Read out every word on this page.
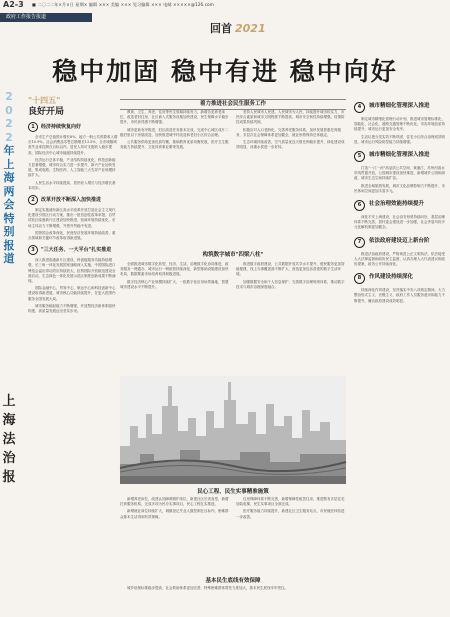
A2-3 ■ 二〇二二年×月×日 星期× 编辑 ××× 美编 ××× 见习编辑 ××× 电邮 ×××××@126.com
政府工作报告报道
回首 2021
稳中加固 稳中有进 稳中向好
2022年上海两会特别报道
上海法治报
"十四五"
良好开局
1	经济持续恢复向好
全市生产总值预计增长8%，地方一般公共预算收入增长10.9%，社会消费品零售总额增长13.5%，全市城镇调查失业率控制在目标以内，居民人均可支配收入稳步提高，国际经济中心城市能级持续提升。
经济运行总体平稳，产业结构持续优化，科技创新能力显著增强，城市综合实力进一步提升，新兴产业加快发展，集成电路、生物医药、人工智能三大先导产业规模持续扩大。
人民生活水平持续提高，居民收入增长与经济增长基本同步。
2	改革开放不断深入加快推进
制定实施浦东新区高水平改革开放打造社会主义现代化建设引领区行动方案，推出一批首创性改革举措，自贸试验区临港新片区建设加快推进，营商环境持续优化，市场主体活力不断增强，外资外贸稳中有进。
国资国企改革深化，民营经济发展环境持续改善，重点领域和关键环节改革取得新进展。
3	"三大任务、一大平台"扎实推进
深入推进临港新片区建设，科创板服务功能持续增强，长三角一体化发展国家战略深入实施，中国国际进口博览会溢出带动效应持续放大，虹桥国际开放枢纽建设全面启动，生态绿色一体化发展示范区制度创新成果不断涌现。
国际金融中心、贸易中心、航运中心和科技创新中心建设取得新进展，城市核心功能持续提升，在更大范围内服务全国发展大局。
城市服务辐射能力不断增强，开放型经济新体制加快构建，高质量发展迈出坚实步伐。
着力推进社会民生服务工作
教育、卫生、养老、住房等民生领域持续发力，新增各类养老床位，改造老旧住房，社区嵌入式服务设施加快建设，民生保障水平稳步提升，市民获得感不断增强。
城市更新有序推进，旧区改造任务基本完成，完成中心城区成片二级旧里以下房屋改造，加快推进城中村改造和老旧小区综合治理。
公共服务供给更加优质均衡，基础教育优质均衡发展，医疗卫生服务能力持续提升，文化体育事业繁荣发展。
坚持人民城市人民建、人民城市为人民，持续提升城市软实力，市民综合素质和城市文明程度不断提高，城市安全韧性持续增强，疫情防控成果持续巩固。
积极应对人口老龄化，完善养老服务体系，加快发展普惠托育服务，多层次社会保障体系更加健全，就业形势保持总体稳定。
生态环境持续改善，空气质量优良天数比例稳步提升，绿化建设成效明显，河湖水质进一步好转。
构筑数字城市"四梁八柱"
全面推进城市数字化转型，经济、生活、治理数字化协同推进，政务服务一网通办、城市运行一网统管持续深化，新型基础设施建设加快布局，数据要素市场培育取得积极进展。
数字经济核心产业规模持续扩大，一批数字化应用场景落地，智慧城市建设水平不断提升。
推进数字政府建设，公共数据开放共享水平提升，便民服务更加智能便捷，线上办事覆盖面不断扩大，营造更加包容普惠的数字生活环境。
加强数据安全和个人信息保护，完善数字治理规则体系，推动数字技术与城市治理深度融合。
民心工程、民生实事精准施策
新增养老床位，改建认知障碍照护床位，新建社区长者食堂，新增托育服务机构，完成多项为民办实事项目，民心工程扎实推进。
新增就业岗位持续扩大，城镇登记失业人数控制在目标内，困难群众基本生活得到有效保障。
住房保障体系不断完善，新增保障性租赁住房，推进既有多层住宅加装电梯，民生实事项目全面完成。
医疗服务能力持续提升，新建社区卫生服务站点，市民就医体验进一步改善。
基本民生底线有效保障
城乡低保标准稳步提高，社会救助体系更加完善，特殊困难群体帮扶力度加大，基本民生底线牢牢兜住。
4	城市精细化管理深入推进
制定城市精细化管理行动计划，推进城市管理标准化、智能化、社会化，道路交通管理不断优化，市容环境品质持续提升，城市运行更加安全有序。
生活垃圾分类实效不断巩固，住宅小区综合治理成效明显，城市运行风险防控能力持续增强。
5	城市精细化管理深入推进
打造"一江一河"高品质公共空间，黄浦江、苏州河滨水岸线贯通开放，公园城市建设加快推进，新增城乡公园和绿道，城市生态空间持续扩容。
推进全域旅游发展，城市文化品牌影响力不断提升，市民休闲空间更加丰富多元。
6	社会治理效能持续提升
深化平安上海建设，社会治安形势持续向好，基层治理体系不断完善，居村委会建设进一步加强，社会矛盾纠纷多元化解机制更加健全。
7	依法政府建设迈上新台阶
推进法治政府建设，严格规范公正文明执法，依法接受人大法律监督和政协民主监督，认真办理人大代表建议和政协提案，政务公开持续深化。
8	作风建设持续深化
持续深化作风建设，坚决落实中央八项规定精神，大力整治形式主义、官僚主义，政府工作人员服务意识和能力不断提升，廉洁政府建设成效明显。
